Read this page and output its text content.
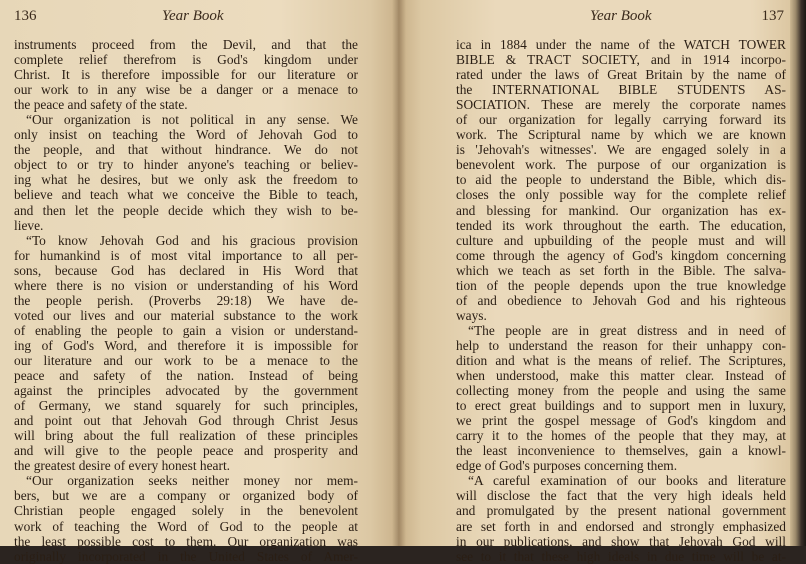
136	Year Book
instruments proceed from the Devil, and that the
complete relief therefrom is God's kingdom under
Christ. It is therefore impossible for our literature or
our work to in any wise be a danger or a menace to
the peace and safety of the state.
“Our organization is not political in any sense. We
only insist on teaching the Word of Jehovah God to
the people, and that without hindrance. We do not
object to or try to hinder anyone's teaching or believ-
ing what he desires, but we only ask the freedom to
believe and teach what we conceive the Bible to teach,
and then let the people decide which they wish to be-
lieve.
“To know Jehovah God and his gracious provision
for humankind is of most vital importance to all per-
sons, because God has declared in His Word that
where there is no vision or understanding of his Word
the people perish. (Proverbs 29:18) We have de-
voted our lives and our material substance to the work
of enabling the people to gain a vision or understand-
ing of God's Word, and therefore it is impossible for
our literature and our work to be a menace to the
peace and safety of the nation. Instead of being
against the principles advocated by the government
of Germany, we stand squarely for such principles,
and point out that Jehovah God through Christ Jesus
will bring about the full realization of these principles
and will give to the people peace and prosperity and
the greatest desire of every honest heart.
“Our organization seeks neither money nor mem-
bers, but we are a company or organized body of
Christian people engaged solely in the benevolent
work of teaching the Word of God to the people at
the least possible cost to them. Our organization was
originally incorporated in the United States of Amer-
Year Book	137
ica in 1884 under the name of the WATCH TOWER
BIBLE & TRACT SOCIETY, and in 1914 incorpo-
rated under the laws of Great Britain by the name of
the INTERNATIONAL BIBLE STUDENTS AS-
SOCIATION. These are merely the corporate names
of our organization for legally carrying forward its
work. The Scriptural name by which we are known
is 'Jehovah's witnesses'. We are engaged solely in a
benevolent work. The purpose of our organization is
to aid the people to understand the Bible, which dis-
closes the only possible way for the complete relief
and blessing for mankind. Our organization has ex-
tended its work throughout the earth. The education,
culture and upbuilding of the people must and will
come through the agency of God's kingdom concerning
which we teach as set forth in the Bible. The salva-
tion of the people depends upon the true knowledge
of and obedience to Jehovah God and his righteous
ways.
“The people are in great distress and in need of
help to understand the reason for their unhappy con-
dition and what is the means of relief. The Scriptures,
when understood, make this matter clear. Instead of
collecting money from the people and using the same
to erect great buildings and to support men in luxury,
we print the gospel message of God's kingdom and
carry it to the homes of the people that they may, at
the least inconvenience to themselves, gain a knowl-
edge of God's purposes concerning them.
“A careful examination of our books and literature
will disclose the fact that the very high ideals held
and promulgated by the present national government
are set forth in and endorsed and strongly emphasized
in our publications, and show that Jehovah God will
see to it that these high ideals in due time will be at-
